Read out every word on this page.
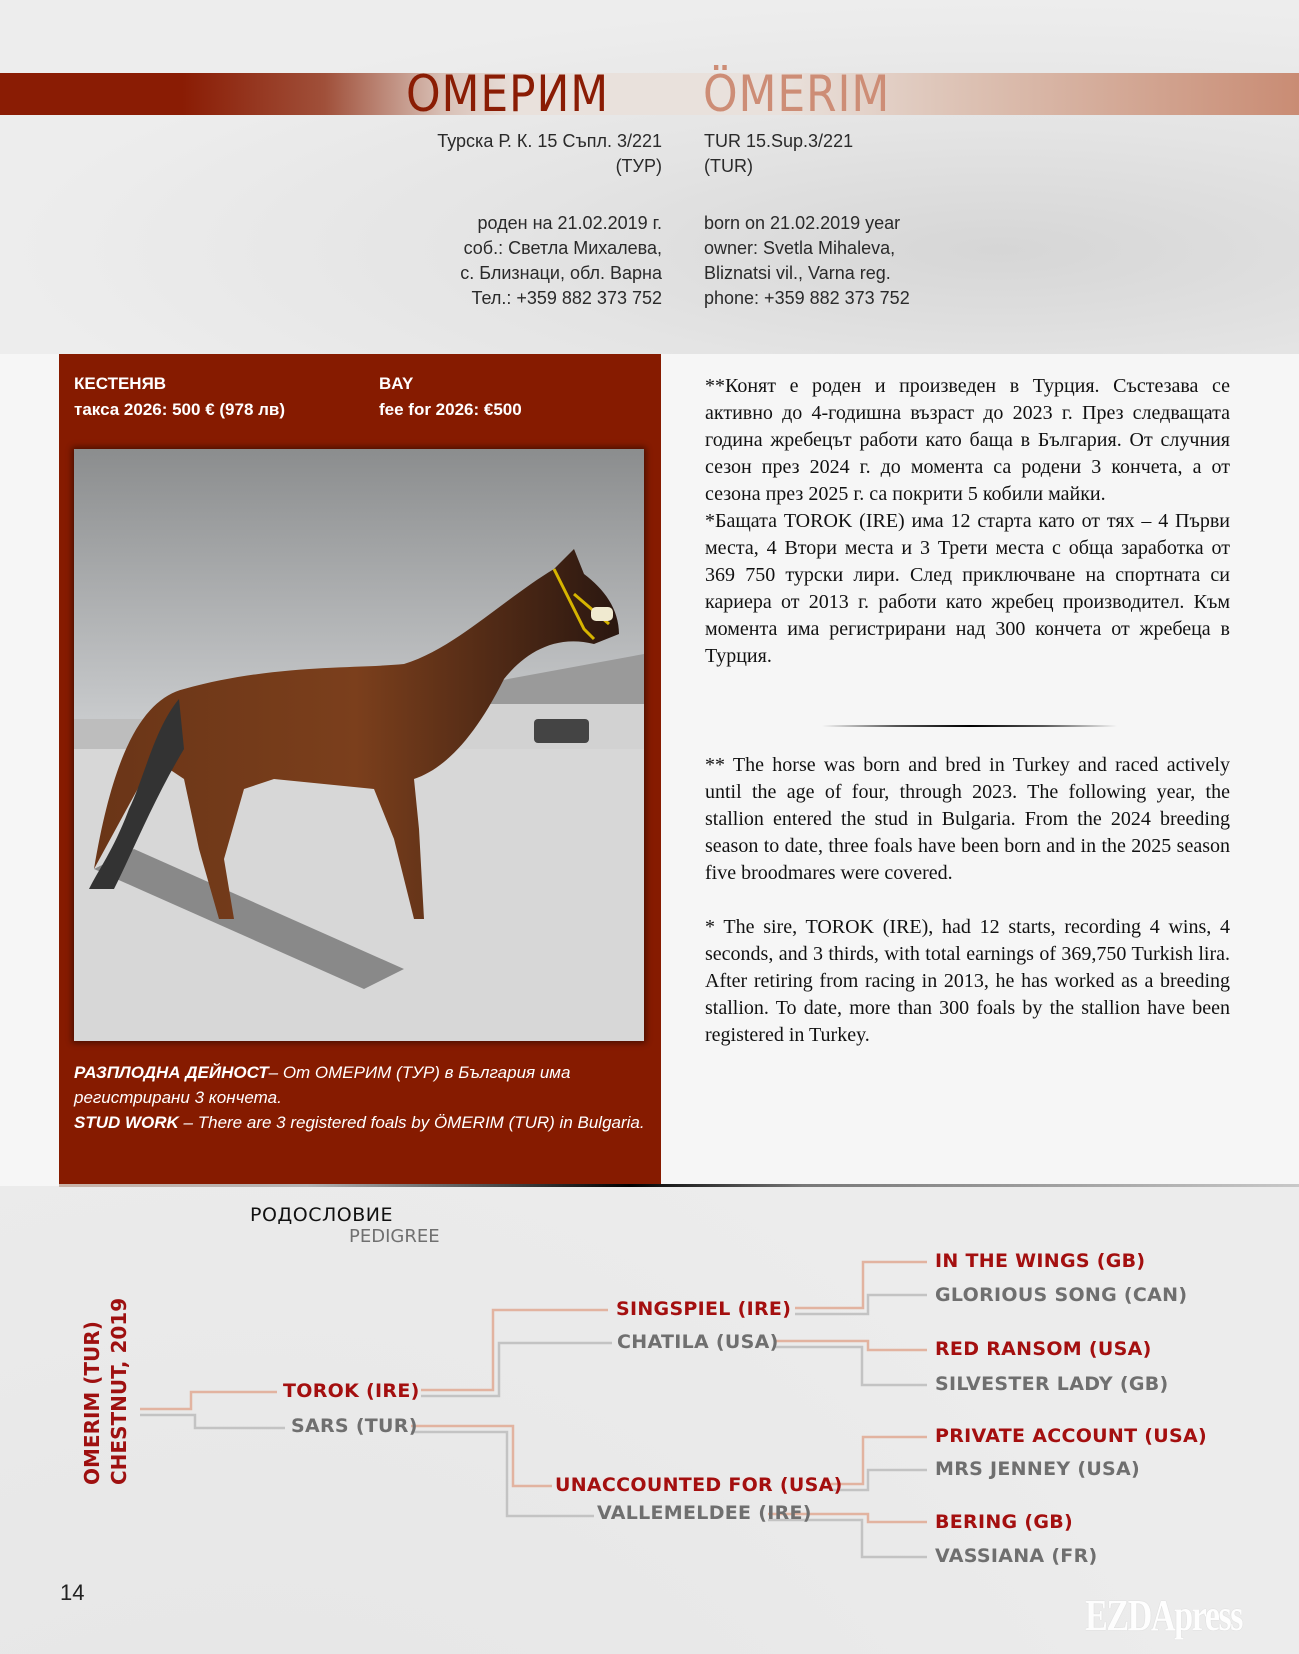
ОМЕРИМ ÖMERIM
Турска Р. К. 15 Съпл. 3/221
(ТУР)
TUR 15.Sup.3/221
(TUR)
роден на 21.02.2019 г.
соб.: Светла Михалева,
с. Близнаци, обл. Варна
Тел.: +359 882 373 752
born on 21.02.2019 year
owner: Svetla Mihaleva,
Bliznatsi vil., Varna reg.
phone: +359 882 373 752
КЕСТЕНЯВ
такса 2026: 500 € (978 лв)
BAY
fee for 2026: €500
РАЗПЛОДНА ДЕЙНОСТ– От ОМЕРИМ (ТУР) в България има регистрирани 3 кончета.
STUD WORK – There are 3 registered foals by ÖMERIM (TUR) in Bulgaria.

**Конят е роден и произведен в Турция. Състезава се активно до 4-годишна възраст до 2023 г. През следващата година жребецът работи като баща в България. От случния сезон през 2024 г. до момента са родени 3 кончета, а от сезона през 2025 г. са покрити 5 кобили майки.

*Бащата TOROK (IRE) има 12 старта като от тях – 4 Първи места, 4 Втори места и 3 Трети места с обща заработка от 369 750 турски лири. След приключване на спортната си кариера от 2013 г. работи като жребец производител. Към момента има регистрирани над 300 кончета от жребеца в Турция.

** The horse was born and bred in Turkey and raced actively until the age of four, through 2023. The following year, the stallion entered the stud in Bulgaria. From the 2024 breeding season to date, three foals have been born and in the 2025 season five broodmares were covered.

* The sire, TOROK (IRE), had 12 starts, recording 4 wins, 4 seconds, and 3 thirds, with total earnings of 369,750 Turkish lira. After retiring from racing in 2013, he has worked as a breeding stallion. To date, more than 300 foals by the stallion have been registered in Turkey.

РОДОСЛОВИЕ
PEDIGREE
OMERIM (TUR) CHESTNUT, 2019	TOROK (IRE)
SARS (TUR)
SINGSPIEL (IRE)
CHATILA (USA)
UNACCOUNTED FOR (USA)
VALLEMELDEE (IRE)
IN THE WINGS (GB)
GLORIOUS SONG (CAN)
RED RANSOM (USA)
SILVESTER LADY (GB)
PRIVATE ACCOUNT (USA)
MRS JENNEY (USA)
BERING (GB)
VASSIANA (FR)
14	EZDApress
